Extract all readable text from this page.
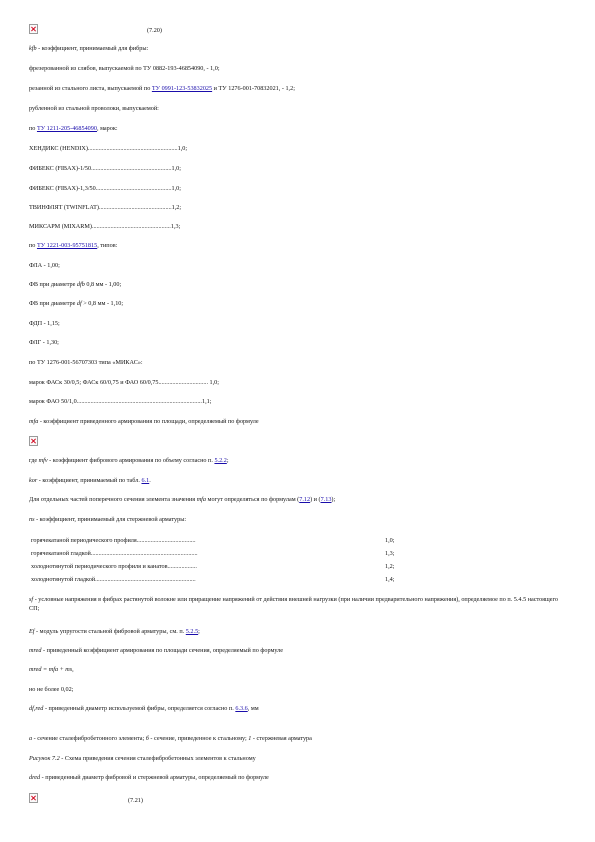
(7.20)
kfb - коэффициент, принимаемый для фибры:
фрезерованной из слябов, выпускаемой по ТУ 0882-193-46854090, - 1,0;
резанной из стального листа, выпускаемой по ТУ 0991-123-53832025 и ТУ 1276-001-70832021, - 1,2;
рубленной из стальной проволоки, выпускаемой:
по ТУ 1211-205-46854090, марок:
ХЕНДИКС (HENDIX)..........................................................1,0;
ФИБЕКС (FIBAX)-1/50....................................................1,0;
ФИБЕКС (FIBAX)-1,3/50.................................................1,0;
ТВИНФЛЯТ (TWINFLAT)...............................................1,2;
МИКСАРМ (MIXARM)...................................................1,3;
по ТУ 1221-003-95751815, типов:
ФЛА - 1,00;
ФВ при диаметре dfb 0,8 мм - 1,00;
ФВ при диаметре df > 0,8 мм - 1,10;
ФДП - 1,15;
ФЛГ - 1,30;
по ТУ 1276-001-56707303 типа «МИКАС»:
марок ФАСк 30/0,5; ФАСк 60/0,75 и ФАО 60/0,75................................ 1,0;
марок ФАО 50/1,0.................................................................................1,1;
mfa - коэффициент приведенного армирования по площади, определяемый по формуле
где mfv - коэффициент фибрового армирования по объему согласно п. 5.2.2;
kor - коэффициент, принимаемый по табл. 6.1.
Для отдельных частей поперечного сечения элемента значения mfa могут определяться по формулам (7.12) и (7.13);
ns - коэффициент, принимаемый для стержневой арматуры:
горячекатаной периодического профиля......................................	1,0;
горячекатаной гладкой.....................................................................	1,3;
холоднотянутой периодического профиля и канатов...................	1,2;
холоднотянутой гладкой.................................................................	1,4;
sf - условные напряжения в фибрах растянутой волокне или приращение напряжений от действия внешней нагрузки (при наличии предварительного напряжения), определяемое по п. 5.4.5 настоящего СП;
Ef - модуль упругости стальной фибровой арматуры, см. п. 5.2.5;
mred - приведенный коэффициент армирования по площади сечения, определяемый по формуле
mred = mfa + ms,
но не более 0,02;
df,red - приведенный диаметр используемой фибры, определяется согласно п. 6.3.6, мм
а - сечение сталефибробетонного элемента; б - сечение, приведенное к стальному; 1 - стержневая арматура
Рисунок 7.2 - Схема приведения сечения сталефибробетонных элементов к стальному
dred - приведенный диаметр фибровой и стержневой арматуры, определяемый по формуле
(7.21)
